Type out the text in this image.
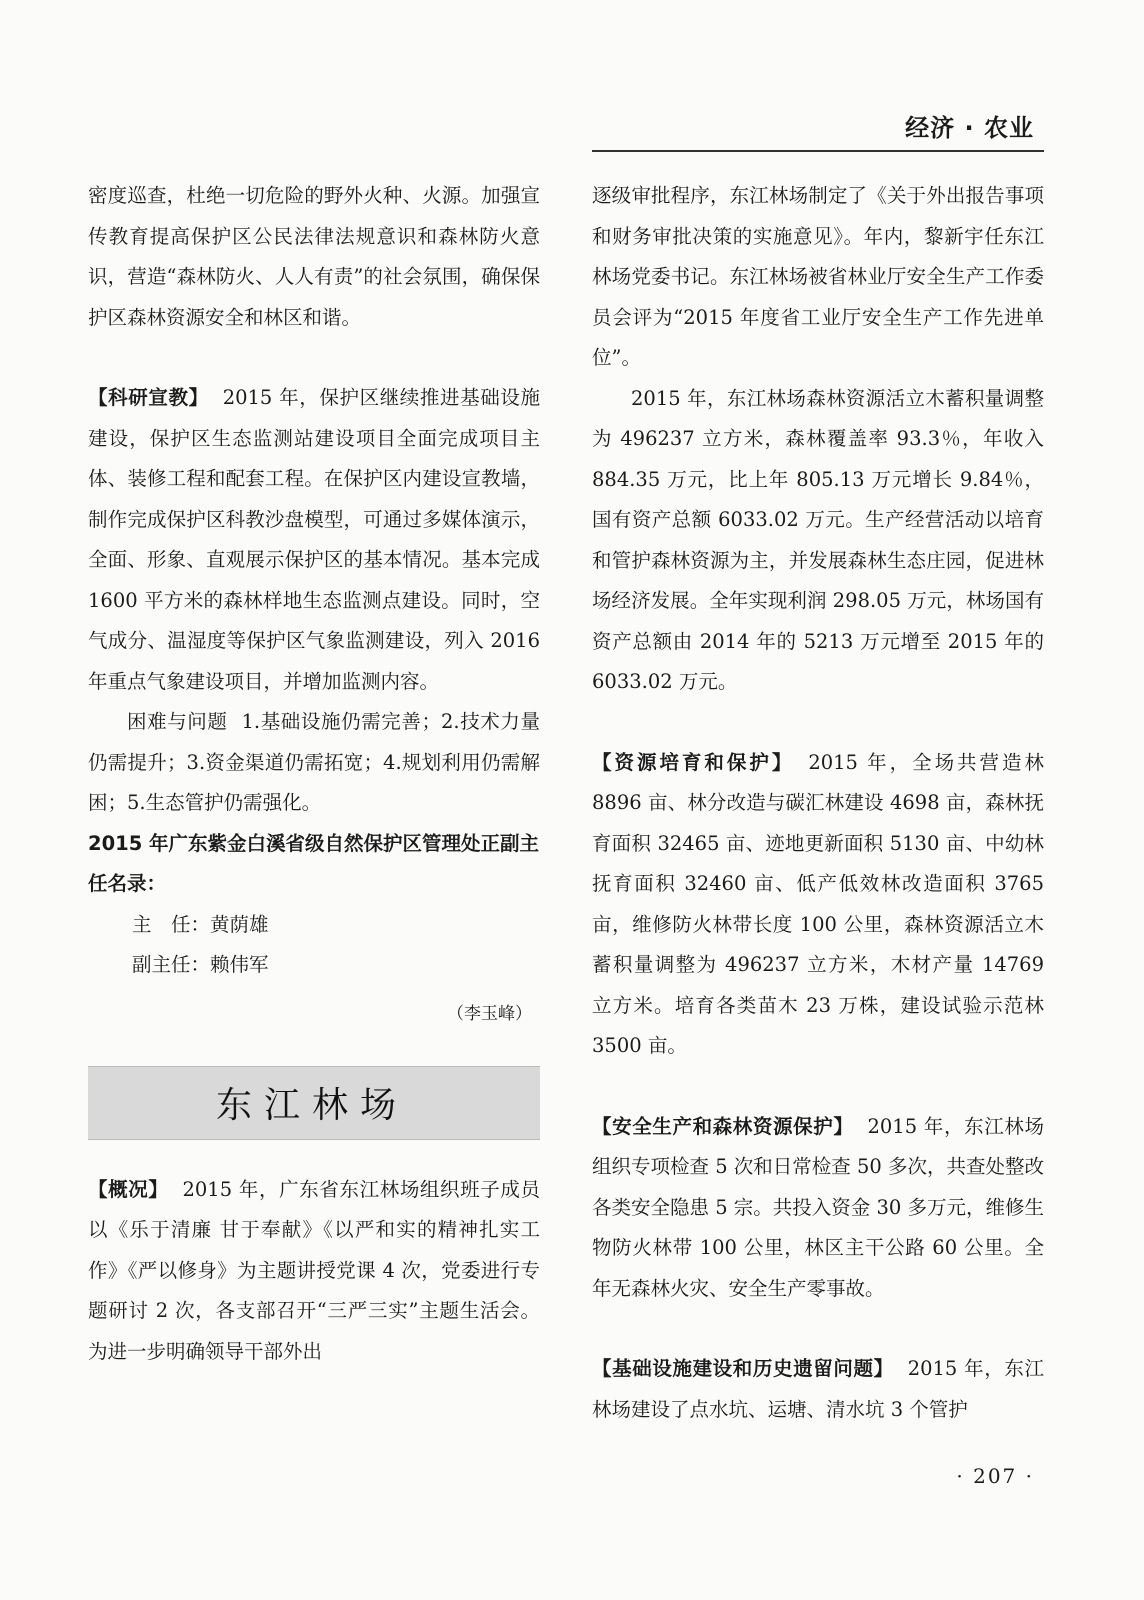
经济 · 农业

密度巡查，杜绝一切危险的野外火种、火源。加强宣传教育提高保护区公民法律法规意识和森林防火意识，营造“森林防火、人人有责”的社会氛围，确保保护区森林资源安全和林区和谐。

【科研宣教】 2015 年，保护区继续推进基础设施建设，保护区生态监测站建设项目全面完成项目主体、装修工程和配套工程。在保护区内建设宣教墙，制作完成保护区科教沙盘模型，可通过多媒体演示，全面、形象、直观展示保护区的基本情况。基本完成 1600 平方米的森林样地生态监测点建设。同时，空气成分、温湿度等保护区气象监测建设，列入 2016 年重点气象建设项目，并增加监测内容。

困难与问题 1.基础设施仍需完善；2.技术力量仍需提升；3.资金渠道仍需拓宽；4.规划利用仍需解困；5.生态管护仍需强化。

2015 年广东紫金白溪省级自然保护区管理处正副主任名录：
主　任：黄荫雄
副主任：赖伟军
（李玉峰）
东江林场

【概况】 2015 年，广东省东江林场组织班子成员以《乐于清廉 甘于奉献》《以严和实的精神扎实工作》《严以修身》为主题讲授党课 4 次，党委进行专题研讨 2 次，各支部召开“三严三实”主题生活会。为进一步明确领导干部外出

逐级审批程序，东江林场制定了《关于外出报告事项和财务审批决策的实施意见》。年内，黎新宇任东江林场党委书记。东江林场被省林业厅安全生产工作委员会评为“2015 年度省工业厅安全生产工作先进单位”。

2015 年，东江林场森林资源活立木蓄积量调整为 496237 立方米，森林覆盖率 93.3％，年收入 884.35 万元，比上年 805.13 万元增长 9.84％，国有资产总额 6033.02 万元。生产经营活动以培育和管护森林资源为主，并发展森林生态庄园，促进林场经济发展。全年实现利润 298.05 万元，林场国有资产总额由 2014 年的 5213 万元增至 2015 年的 6033.02 万元。

【资源培育和保护】 2015 年，全场共营造林 8896 亩、林分改造与碳汇林建设 4698 亩，森林抚育面积 32465 亩、迹地更新面积 5130 亩、中幼林抚育面积 32460 亩、低产低效林改造面积 3765 亩，维修防火林带长度 100 公里，森林资源活立木蓄积量调整为 496237 立方米，木材产量 14769 立方米。培育各类苗木 23 万株，建设试验示范林 3500 亩。

【安全生产和森林资源保护】 2015 年，东江林场组织专项检查 5 次和日常检查 50 多次，共查处整改各类安全隐患 5 宗。共投入资金 30 多万元，维修生物防火林带 100 公里，林区主干公路 60 公里。全年无森林火灾、安全生产零事故。

【基础设施建设和历史遗留问题】 2015 年，东江林场建设了点水坑、运塘、清水坑 3 个管护

· 207 ·
